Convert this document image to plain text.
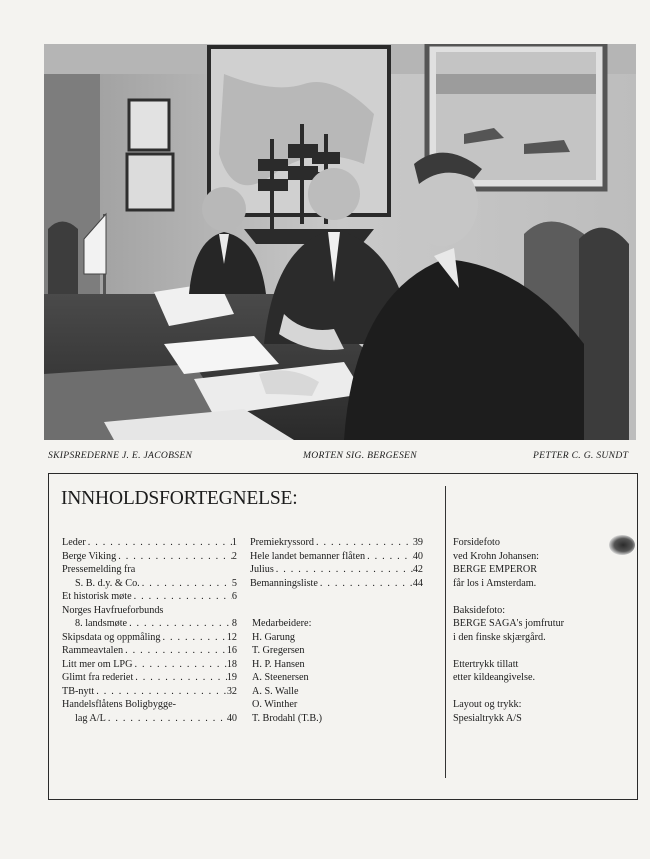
SKIPSREDERNE J. E. JACOBSEN	MORTEN SIG. BERGESEN	PETTER C. G. SUNDT
INNHOLDSFORTEGNELSE:
Leder . . .	1
Berge Viking . . .	2
Pressemelding fra
S. B. d.y. & Co. . . .	5
Et historisk møte . . .	6
Norges Havfrueforbunds
8. landsmøte . . .	8
Skipsdata og oppmåling . . .	12
Rammeavtalen . . .	16
Litt mer om LPG . . .	18
Glimt fra rederiet . . .	19
TB-nytt . . .	32
Handelsflåtens Boligbygge-
lag A/L . . .	40
Premiekryssord . . .	39
Hele landet bemanner flåten . . .	40
Julius . . .	42
Bemanningsliste . . .	44
Medarbeidere:
H. Garung
T. Gregersen
H. P. Hansen
A. Steenersen
A. S. Walle
O. Winther
T. Brodahl (T.B.)
Forsidefoto
ved Krohn Johansen:
BERGE EMPEROR
får los i Amsterdam.
Baksidefoto:
BERGE SAGA's jomfrutur
i den finske skjærgård.
Ettertrykk tillatt
etter kildeangivelse.
Layout og trykk:
Spesialtrykk A/S
